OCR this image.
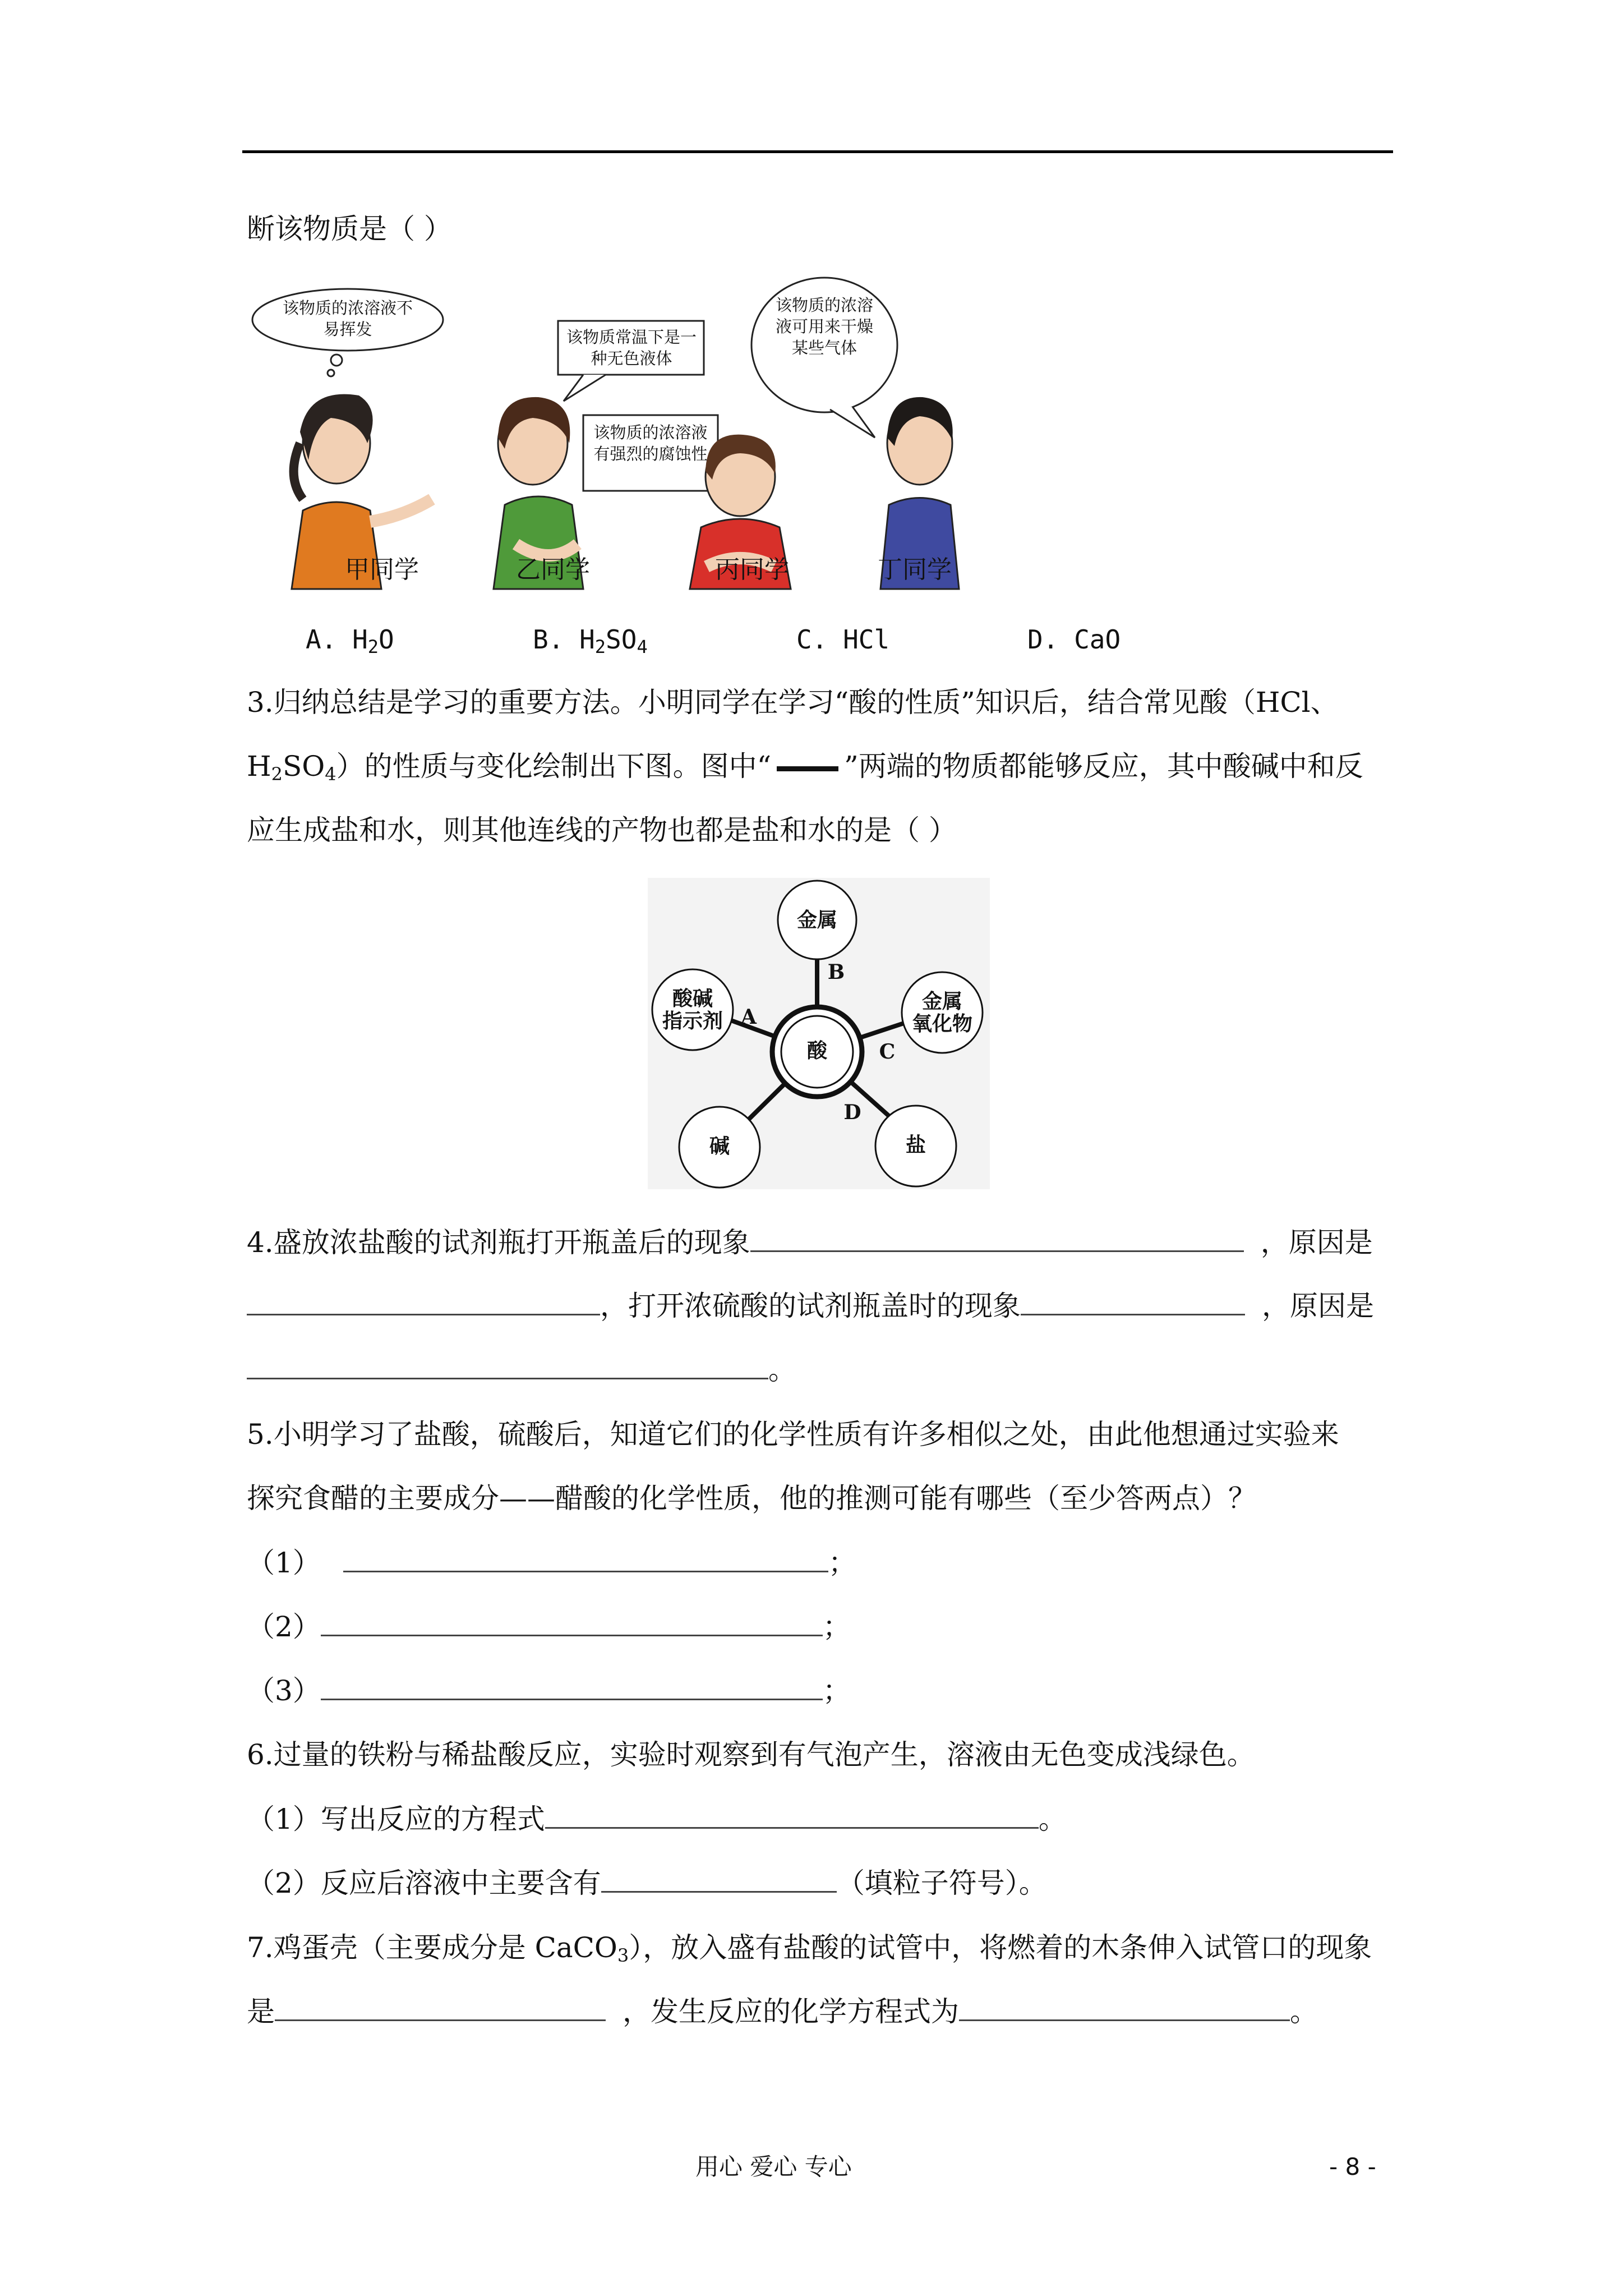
断该物质是（ ）
该物质的浓溶液不易挥发	该物质常温下是一种无色液体
该物质的浓溶液有强烈的腐蚀性
该物质的浓溶液可用来干燥某些气体
甲同学	乙同学	丙同学	丁同学
A. $H_2O$	B. $H_2SO_4$	C. HCl	D. CaO
3.归纳总结是学习的重要方法。小明同学在学习“酸的性质”知识后，结合常见酸（HCl、
$H_2SO_4$）的性质与变化绘制出下图。图中“	”两端的物质都能够反应，其中酸碱中和反
应生成盐和水，则其他连线的产物也都是盐和水的是（ ）
酸
金属
酸碱
指示剂
金属
氧化物
碱	盐
A
B
C
D
4.盛放浓盐酸的试剂瓶打开瓶盖后的现象	，原因是
，打开浓硫酸的试剂瓶盖时的现象	，原因是
。
5.小明学习了盐酸，硫酸后，知道它们的化学性质有许多相似之处，由此他想通过实验来
探究食醋的主要成分——醋酸的化学性质，他的推测可能有哪些（至少答两点）？
（1）	；
（2）	；
（3）	；
6.过量的铁粉与稀盐酸反应，实验时观察到有气泡产生，溶液由无色变成浅绿色。
（1）写出反应的方程式	。
（2）反应后溶液中主要含有	（填粒子符号）。
7.鸡蛋壳（主要成分是 CaCO$_3$），放入盛有盐酸的试管中，将燃着的木条伸入试管口的现象
是	，发生反应的化学方程式为	。
用心 爱心 专心	- 8 -
